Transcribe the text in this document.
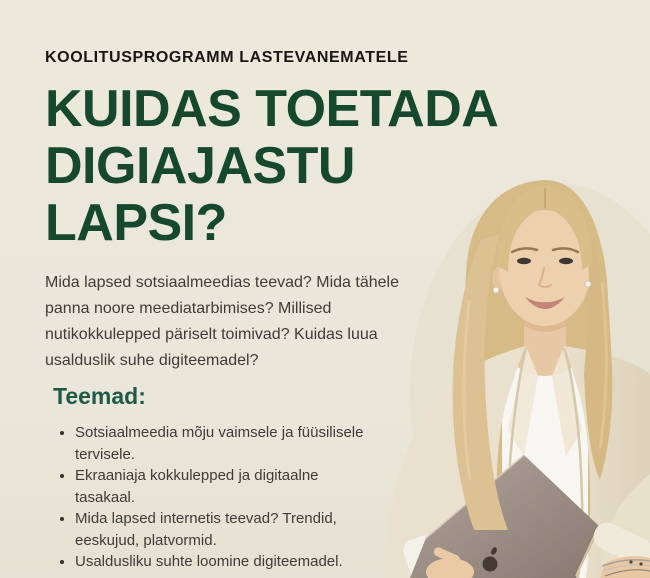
KOOLITUSPROGRAMM LASTEVANEMATELE
KUIDAS TOETADA
DIGIAJASTU
LAPSI?
Mida lapsed sotsiaalmeedias teevad? Mida tähele panna noore meediatarbimises? Millised nutikokkulepped päriselt toimivad? Kuidas luua usalduslik suhe digiteemadel?
Teemad:
• Sotsiaalmeedia mõju vaimsele ja füüsilisele tervisele.
• Ekraaniaja kokkulepped ja digitaalne tasakaal.
• Mida lapsed internetis teevad? Trendid, eeskujud, platvormid.
• Usaldusliku suhte loomine digiteemadel.
